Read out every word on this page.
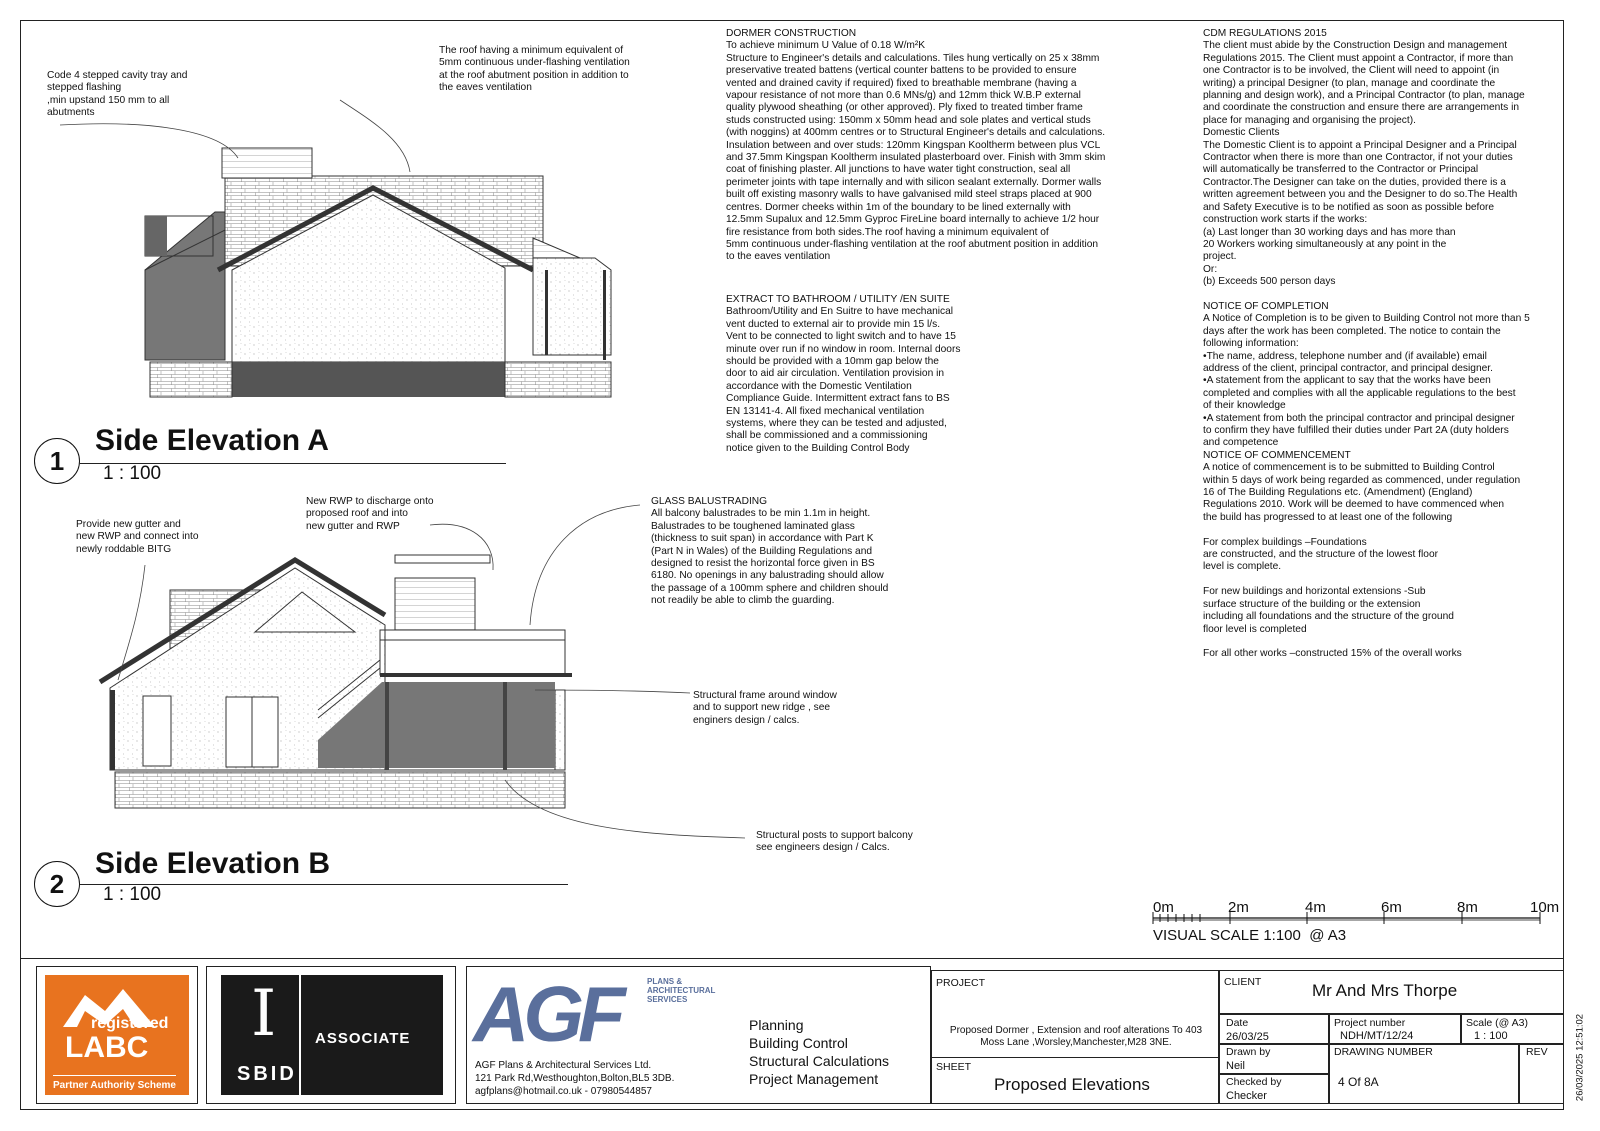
1
Side Elevation A
1 : 100
2
Side Elevation B
1 : 100
Code 4 stepped cavity tray and
stepped flashing
,min upstand 150 mm to all
abutments
The roof having a minimum equivalent of
5mm continuous under-flashing ventilation
at the roof abutment position in addition to
the eaves ventilation
Provide new gutter and
new RWP and connect into
newly roddable BITG
New RWP to discharge onto
proposed roof and into
new gutter and RWP
GLASS BALUSTRADING
All balcony balustrades to be min 1.1m in height.
Balustrades to be toughened laminated glass
(thickness to suit span) in accordance with Part K
(Part N in Wales) of the Building Regulations and
designed to resist the horizontal force given in BS
6180. No openings in any balustrading should allow
the passage of a 100mm sphere and children should
not readily be able to climb the guarding.
Structural frame around window
and to support new ridge , see
enginers design / calcs.
Structural posts to support balcony
see engineers design / Calcs.
DORMER CONSTRUCTION
To achieve minimum U Value of 0.18 W/m²K
Structure to Engineer's details and calculations. Tiles hung vertically on 25 x 38mm
preservative treated battens (vertical counter battens to be provided to ensure
vented and drained cavity if required) fixed to breathable membrane (having a
vapour resistance of not more than 0.6 MNs/g) and 12mm thick W.B.P external
quality plywood sheathing (or other approved). Ply fixed to treated timber frame
studs constructed using: 150mm x 50mm head and sole plates and vertical studs
(with noggins) at 400mm centres or to Structural Engineer's details and calculations.
Insulation between and over studs: 120mm Kingspan Kooltherm between plus VCL
and 37.5mm Kingspan Kooltherm insulated plasterboard over. Finish with 3mm skim
coat of finishing plaster. All junctions to have water tight construction, seal all
perimeter joints with tape internally and with silicon sealant externally. Dormer walls
built off existing masonry walls to have galvanised mild steel straps placed at 900
centres. Dormer cheeks within 1m of the boundary to be lined externally with
12.5mm Supalux and 12.5mm Gyproc FireLine board internally to achieve 1/2 hour
fire resistance from both sides.The roof having a minimum equivalent of
5mm continuous under-flashing ventilation at the roof abutment position in addition
to the eaves ventilation
EXTRACT TO BATHROOM / UTILITY /EN SUITE
Bathroom/Utility and En Suitre to have mechanical
vent ducted to external air to provide min 15 l/s.
Vent to be connected to light switch and to have 15
minute over run if no window in room. Internal doors
should be provided with a 10mm gap below the
door to aid air circulation. Ventilation provision in
accordance with the Domestic Ventilation
Compliance Guide. Intermittent extract fans to BS
EN 13141-4. All fixed mechanical ventilation
systems, where they can be tested and adjusted,
shall be commissioned and a commissioning
notice given to the Building Control Body
CDM REGULATIONS 2015
The client must abide by the Construction Design and management
Regulations 2015. The Client must appoint a Contractor, if more than
one Contractor is to be involved, the Client will need to appoint (in
writing) a principal Designer (to plan, manage and coordinate the
planning and design work), and a Principal Contractor (to plan, manage
and coordinate the construction and ensure there are arrangements in
place for managing and organising the project).
Domestic Clients
The Domestic Client is to appoint a Principal Designer and a Principal
Contractor when there is more than one Contractor, if not your duties
will automatically be transferred to the Contractor or Principal
Contractor.The Designer can take on the duties, provided there is a
written agreement between you and the Designer to do so.The Health
and Safety Executive is to be notified as soon as possible before
construction work starts if the works:
(a) Last longer than 30 working days and has more than
20 Workers working simultaneously at any point in the
project.
Or:
(b) Exceeds 500 person days

NOTICE OF COMPLETION
A Notice of Completion is to be given to Building Control not more than 5
days after the work has been completed. The notice to contain the
following information:
•The name, address, telephone number and (if available) email
address of the client, principal contractor, and principal designer.
•A statement from the applicant to say that the works have been
completed and complies with all the applicable regulations to the best
of their knowledge
•A statement from both the principal contractor and principal designer
to confirm they have fulfilled their duties under Part 2A (duty holders
and competence
NOTICE OF COMMENCEMENT
A notice of commencement is to be submitted to Building Control
within 5 days of work being regarded as commenced, under regulation
16 of The Building Regulations etc. (Amendment) (England)
Regulations 2010. Work will be deemed to have commenced when
the build has progressed to at least one of the following

For complex buildings –Foundations
are constructed, and the structure of the lowest floor
level is complete.

For new buildings and horizontal extensions -Sub
surface structure of the building or the extension
including all foundations and the structure of the ground
floor level is completed

For all other works –constructed 15% of the overall works
0m	2m	4m	6m	8m	10m
VISUAL SCALE 1:100  @ A3
registered
LABC
Partner Authority Scheme
I
SBID
ASSOCIATE AGF	PLANS & ARCHITECTURAL SERVICES
AGF Plans & Architectural Services Ltd.
121 Park Rd,Westhoughton,Bolton,BL5 3DB.
agfplans@hotmail.co.uk - 07980544857
Planning
Building Control
Structural Calculations
Project Management
PROJECT
Proposed Dormer , Extension and roof alterations To 403
Moss Lane ,Worsley,Manchester,M28 3NE.
SHEET
Proposed Elevations
CLIENT	Mr And Mrs Thorpe
Date
26/03/25
Project number
NDH/MT/12/24
Scale (@ A3)
1 : 100
Drawn by
Neil
DRAWING NUMBER
4 Of 8A
REV
Checked by
Checker	26/03/2025 12:51:02
